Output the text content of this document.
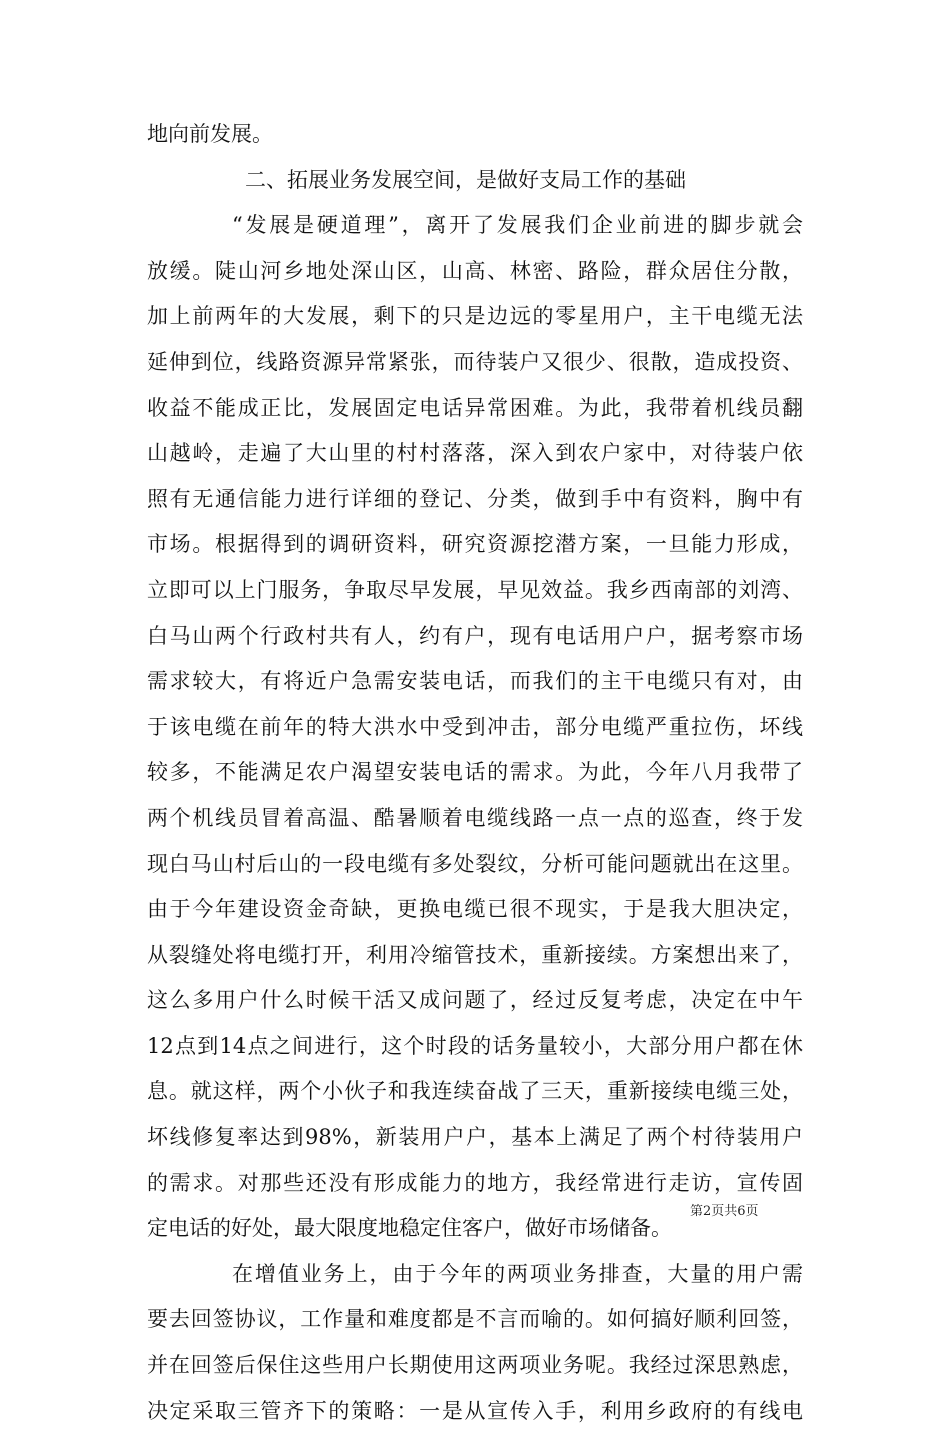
地向前发展。
二、拓展业务发展空间，是做好支局工作的基础
“发展是硬道理”，离开了发展我们企业前进的脚步就会
放缓。陡山河乡地处深山区，山高、林密、路险，群众居住分散，
加上前两年的大发展，剩下的只是边远的零星用户，主干电缆无法
延伸到位，线路资源异常紧张，而待装户又很少、很散，造成投资、
收益不能成正比，发展固定电话异常困难。为此，我带着机线员翻
山越岭，走遍了大山里的村村落落，深入到农户家中，对待装户依
照有无通信能力进行详细的登记、分类，做到手中有资料，胸中有
市场。根据得到的调研资料，研究资源挖潜方案，一旦能力形成，
立即可以上门服务，争取尽早发展，早见效益。我乡西南部的刘湾、
白马山两个行政村共有人，约有户，现有电话用户户，据考察市场
需求较大，有将近户急需安装电话，而我们的主干电缆只有对，由
于该电缆在前年的特大洪水中受到冲击，部分电缆严重拉伤，坏线
较多，不能满足农户渴望安装电话的需求。为此，今年八月我带了
两个机线员冒着高温、酷暑顺着电缆线路一点一点的巡查，终于发
现白马山村后山的一段电缆有多处裂纹，分析可能问题就出在这里。
由于今年建设资金奇缺，更换电缆已很不现实，于是我大胆决定，
从裂缝处将电缆打开，利用冷缩管技术，重新接续。方案想出来了，
这么多用户什么时候干活又成问题了，经过反复考虑，决定在中午
12点到14点之间进行，这个时段的话务量较小，大部分用户都在休
息。就这样，两个小伙子和我连续奋战了三天，重新接续电缆三处，
坏线修复率达到98%，新装用户户，基本上满足了两个村待装用户
的需求。对那些还没有形成能力的地方，我经常进行走访，宣传固
定电话的好处，最大限度地稳定住客户，做好市场储备。
在增值业务上，由于今年的两项业务排查，大量的用户需
要去回签协议，工作量和难度都是不言而喻的。如何搞好顺利回签，
并在回签后保住这些用户长期使用这两项业务呢。我经过深思熟虑，
决定采取三管齐下的策略：一是从宣传入手，利用乡政府的有线电
第2页共6页
